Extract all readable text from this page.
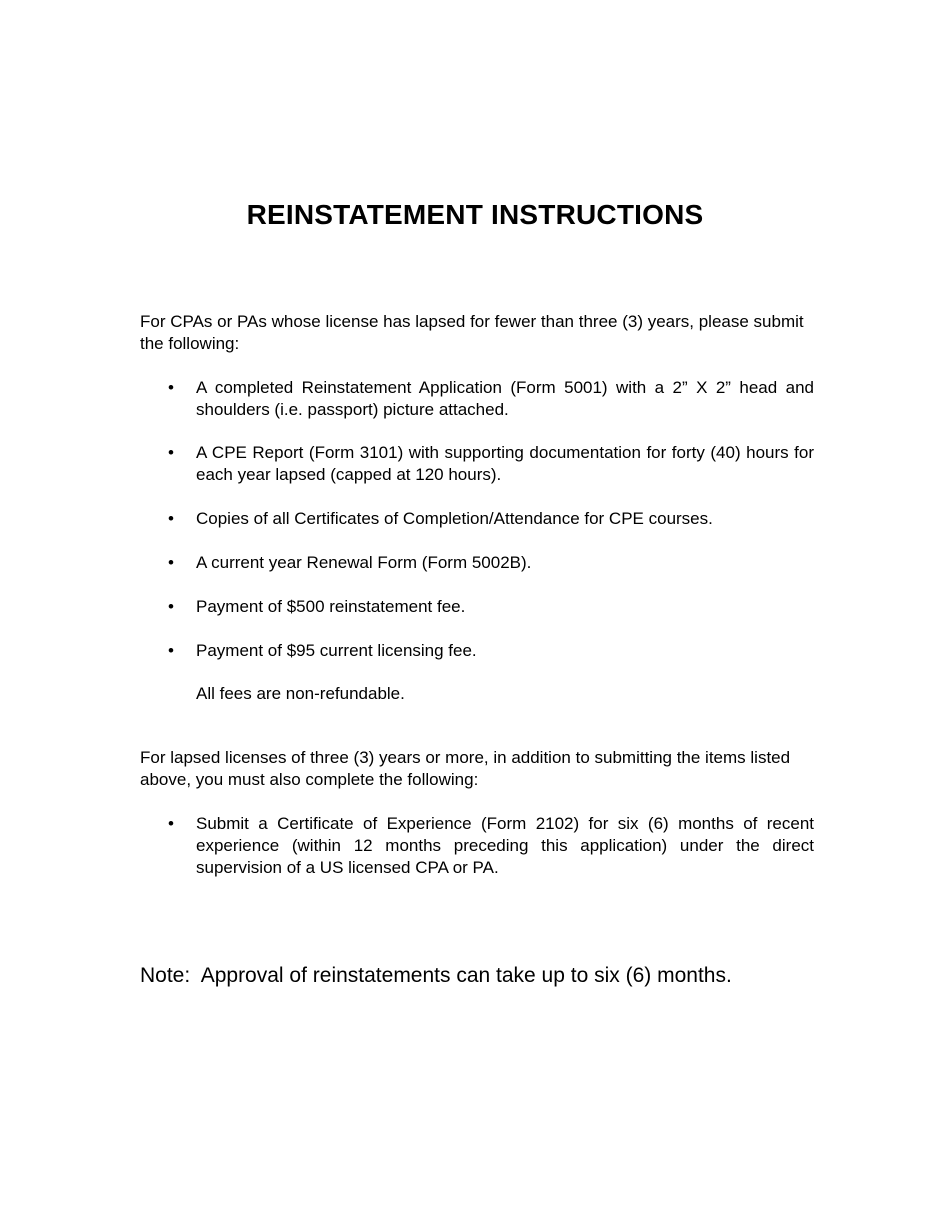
REINSTATEMENT INSTRUCTIONS

For CPAs or PAs whose license has lapsed for fewer than three (3) years, please submit the following:

• A completed Reinstatement Application (Form 5001) with a 2” X 2” head and shoulders (i.e. passport) picture attached.

• A CPE Report (Form 3101) with supporting documentation for forty (40) hours for each year lapsed (capped at 120 hours).

• Copies of all Certificates of Completion/Attendance for CPE courses.

• A current year Renewal Form (Form 5002B).

• Payment of $500 reinstatement fee.

• Payment of $95 current licensing fee.

All fees are non-refundable.

For lapsed licenses of three (3) years or more, in addition to submitting the items listed above, you must also complete the following:

• Submit a Certificate of Experience (Form 2102) for six (6) months of recent experience (within 12 months preceding this application) under the direct supervision of a US licensed CPA or PA.

Note:  Approval of reinstatements can take up to six (6) months.
